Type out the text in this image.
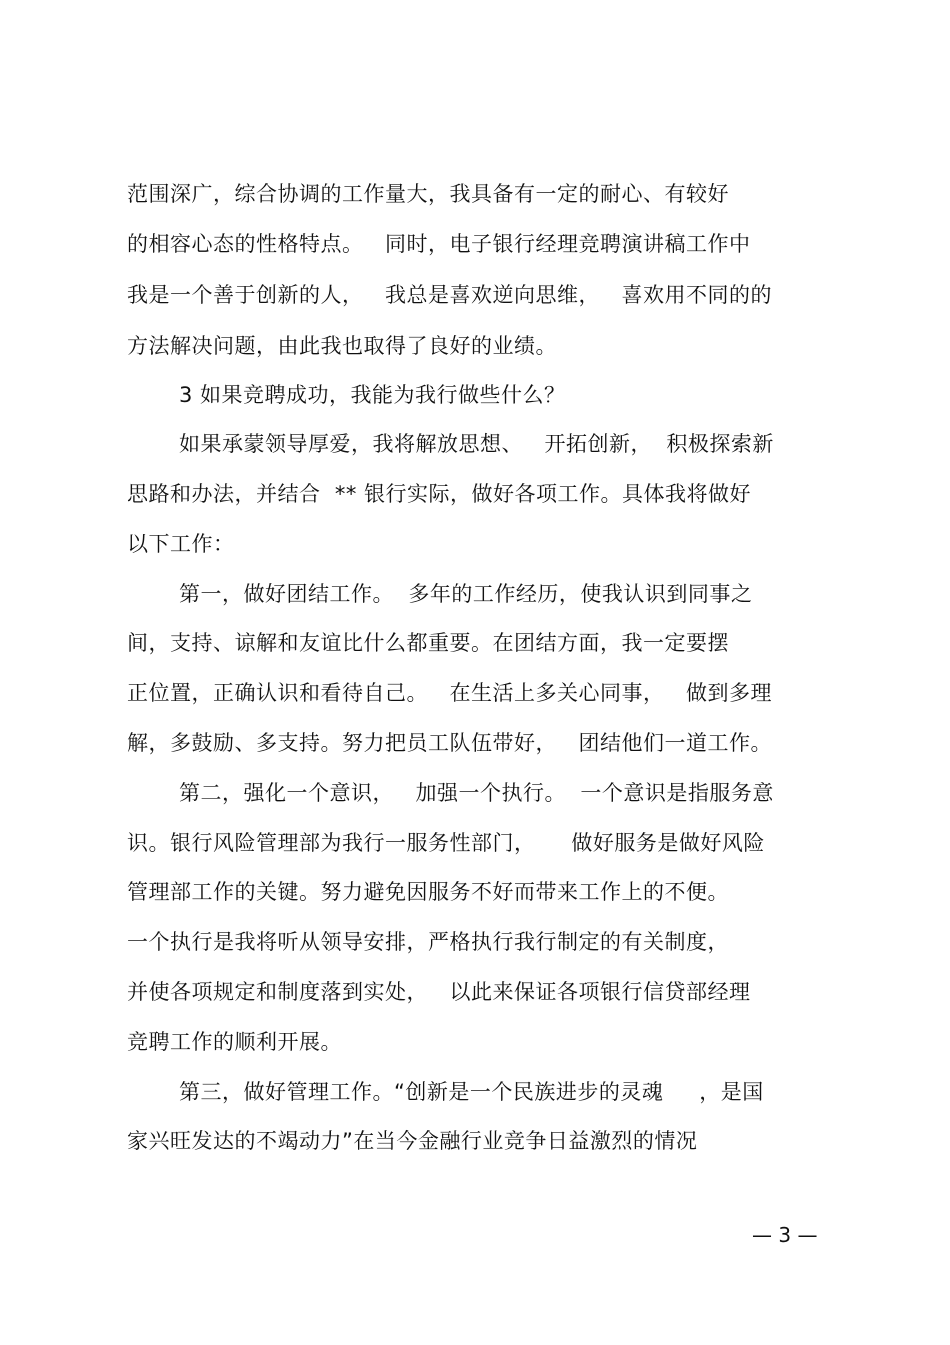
范围深广，综合协调的工作量大，我具备有一定的耐心、有较好
的相容心态的性格特点。   同时，电子银行经理竞聘演讲稿工作中
我是一个善于创新的人，   我总是喜欢逆向思维，   喜欢用不同的的
方法解决问题，由此我也取得了良好的业绩。
3 如果竞聘成功，我能为我行做些什么？
如果承蒙领导厚爱，我将解放思想、   开拓创新，  积极探索新
思路和办法，并结合  ** 银行实际，做好各项工作。具体我将做好
以下工作：
第一，做好团结工作。  多年的工作经历，使我认识到同事之
间，支持、谅解和友谊比什么都重要。在团结方面，我一定要摆
正位置，正确认识和看待自己。   在生活上多关心同事，   做到多理
解，多鼓励、多支持。努力把员工队伍带好，   团结他们一道工作。
第二，强化一个意识，   加强一个执行。  一个意识是指服务意
识。银行风险管理部为我行一服务性部门，     做好服务是做好风险
管理部工作的关键。努力避免因服务不好而带来工作上的不便。
一个执行是我将听从领导安排，严格执行我行制定的有关制度，
并使各项规定和制度落到实处，   以此来保证各项银行信贷部经理
竞聘工作的顺利开展。
第三，做好管理工作。“创新是一个民族进步的灵魂     ，是国
家兴旺发达的不竭动力”在当今金融行业竞争日益激烈的情况
— 3 —
